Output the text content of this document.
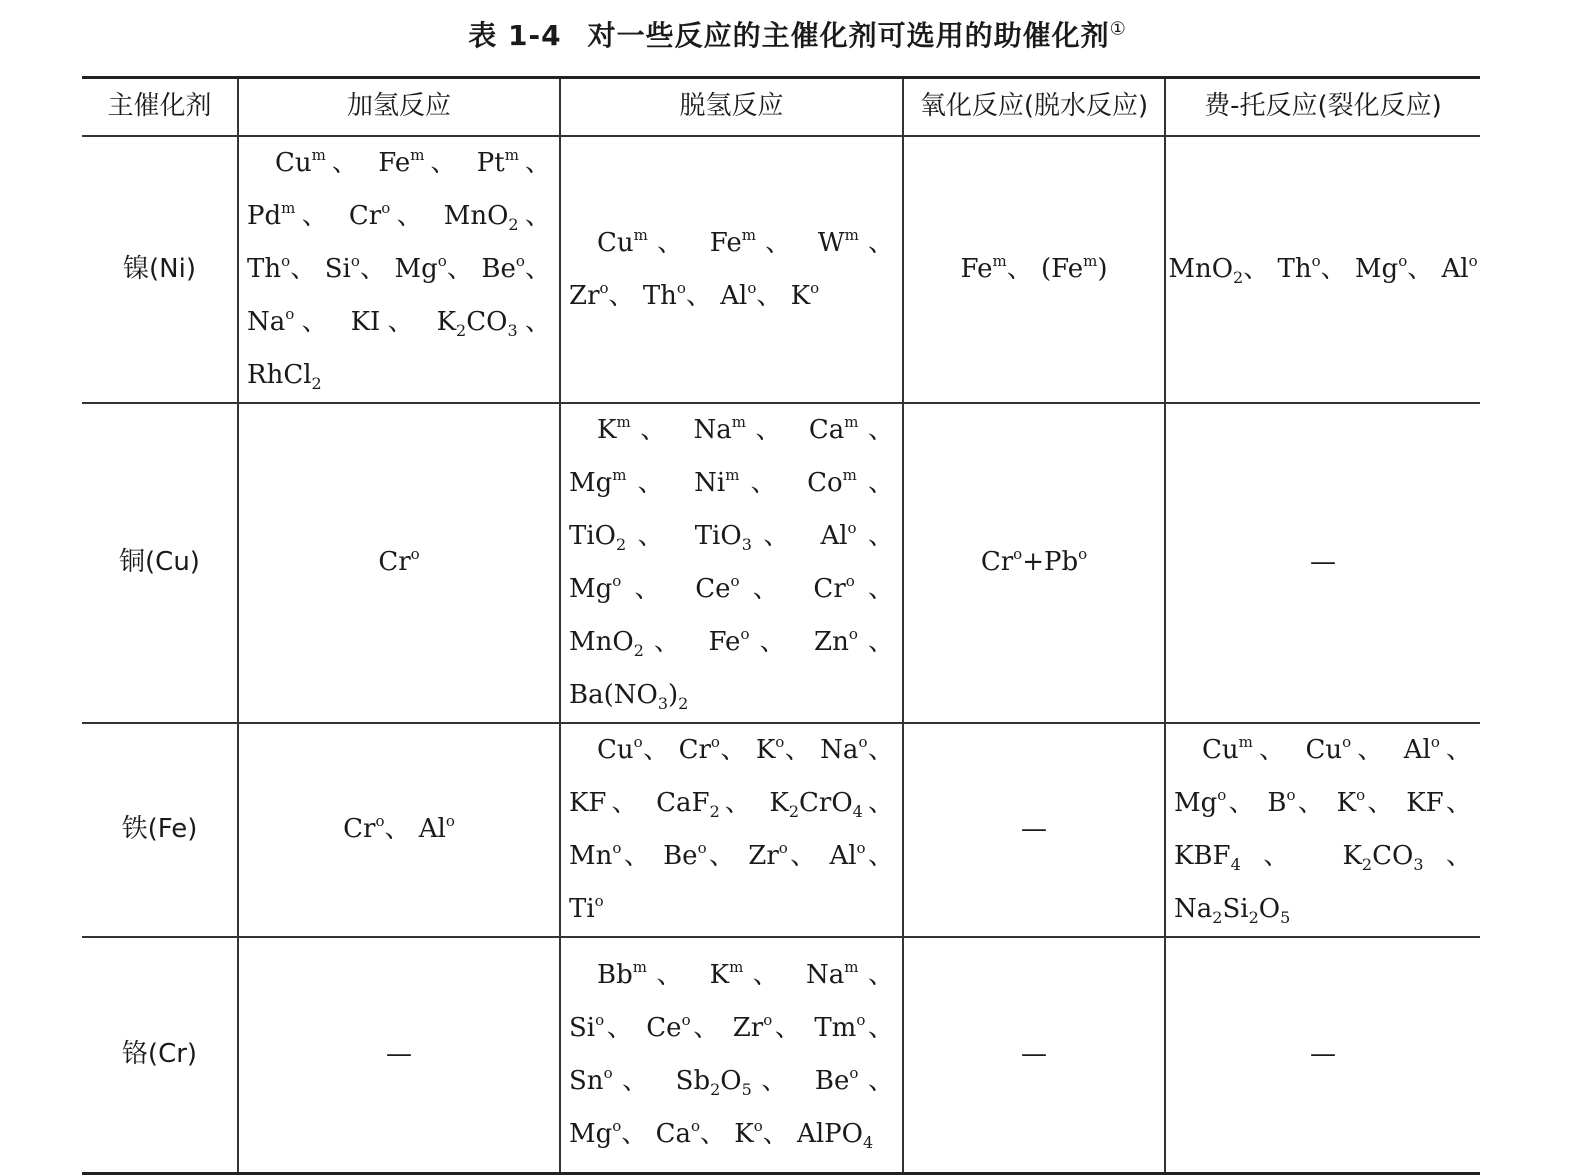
表 1-4 对一些反应的主催化剂可选用的助催化剂①
主催化剂	加氢反应	脱氢反应	氧化反应(脱水反应)	费-托反应(裂化反应)
镍(Ni)	Cu$^m$、 Fe$^m$、 Pt$^m$、 Pd$^m$、 Cr$^o$、 MnO$_2$、 Th$^o$、 Si$^o$、 Mg$^o$、 Be$^o$、 Na$^o$、 KI、 $K_2CO_3$、 RhCl$_2$	Cu$^m$、 Fe$^m$、 $W^m$、 Zr$^o$、 Th$^o$、 Al$^o$、 $K^o$	Fe$^m$、 (Fe$^m$)	MnO$_2$、 Th$^o$、 Mg$^o$、 Al$^o$
铜(Cu)	Cr$^o$	$K^m$、 Na$^m$、 Ca$^m$、 Mg$^m$、 Ni$^m$、 Co$^m$、 TiO$_2$、 TiO$_3$、 Al$^o$、 Mg$^o$、 Ce$^o$、 Cr$^o$、 MnO$_2$、 Fe$^o$、 Zn$^o$、 $Ba(NO_3)_2$	$Cr^o+Pb^o$	—
铁(Fe)	Cr$^o$、 Al$^o$	Cu$^o$、 Cr$^o$、 $K^o$、 Na$^o$、 KF、 CaF$_2$、 $K_2CrO_4$、 Mn$^o$、 Be$^o$、 Zr$^o$、 Al$^o$、 Ti$^o$	—	Cu$^m$、 Cu$^o$、 Al$^o$、 Mg$^o$、 $B^o$、 $K^o$、 KF、 $KBF_4$、 $K_2CO_3$、 $Na_2Si_2O_5$
铬(Cr)	—	Bb$^m$、 $K^m$、 Na$^m$、 Si$^o$、 Ce$^o$、 Zr$^o$、 Tm$^o$、 Sn$^o$、 $Sb_2O_5$、 Be$^o$、 Mg$^o$、 Ca$^o$、 $K^o$、 AlPO$_4$	—	—
